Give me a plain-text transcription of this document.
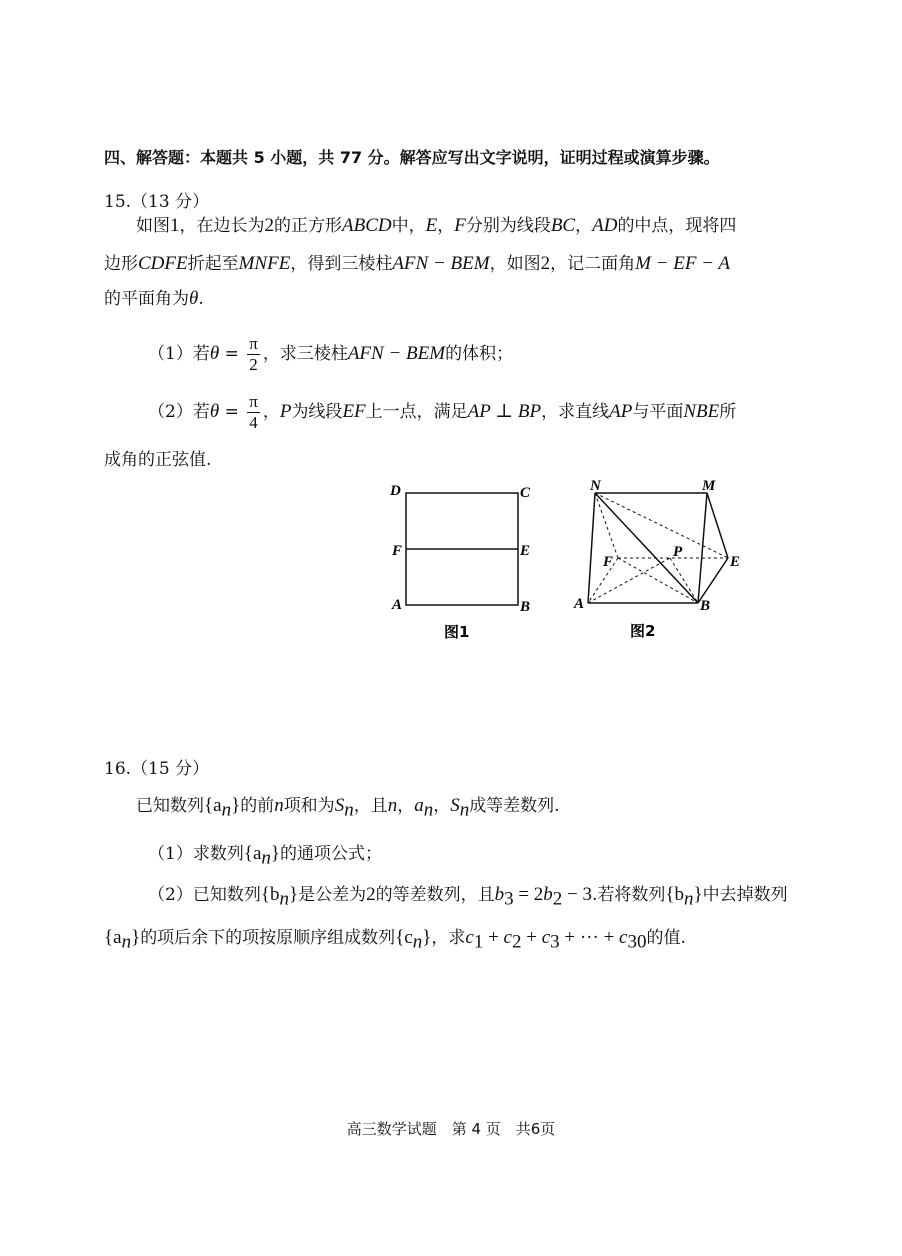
四、解答题：本题共 5 小题，共 77 分。解答应写出文字说明，证明过程或演算步骤。
15.（13 分）
如图1，在边长为2的正方形ABCD中，E，F分别为线段BC，AD的中点，现将四
边形CDFE折起至MNFE，得到三棱柱AFN − BEM，如图2，记二面角M − EF − A
的平面角为θ.
（1）若$\theta = \frac{\pi}{2}$ ，求三棱柱AFN − BEM的体积；
（2）若$\theta = \frac{\pi}{4}$ ，P为线段EF上一点，满足AP ⊥ BP，求直线AP与平面NBE所
成角的正弦值.
D	C
F	E
A	B
图1
N	M
F
P
E
A	B
图2
16.（15 分）
已知数列$\{a_n\}$的前n项和为$S_n$，且n，$a_n$，$S_n$成等差数列.
（1）求数列$\{a_n\}$的通项公式；
（2）已知数列$\{b_n\}$是公差为2的等差数列，且$b_3 = 2b_2 - 3$.若将数列$\{b_n\}$中去掉数列
$\{a_n\}$的项后余下的项按原顺序组成数列$\{c_n\}$，求$c_1 + c_2 + c_3$ + ··· + $c_{30}$的值.
高三数学试题　第 4 页　共6页
